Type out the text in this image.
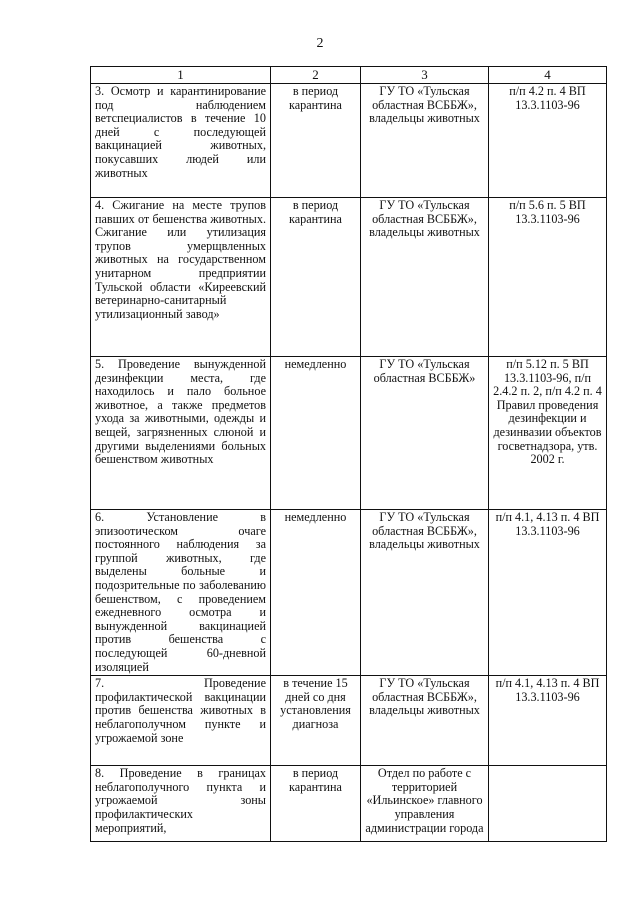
2
1	2	3	4
3. Осмотр и карантинирование под наблюдением ветспециалистов в течение 10 дней с последующей вакцинацией животных, покусавших людей или животных	в период карантина	ГУ ТО «Тульская областная ВСББЖ», владельцы животных	п/п 4.2 п. 4 ВП 13.3.1103-96
4. Сжигание на месте трупов павших от бешенства животных. Сжигание или утилизация трупов умерщвленных животных на государственном унитарном предприятии Тульской области «Киреевский ветеринарно-санитарный утилизационный завод»	в период карантина	ГУ ТО «Тульская областная ВСББЖ», владельцы животных	п/п 5.6 п. 5 ВП 13.3.1103-96
5. Проведение вынужденной дезинфекции места, где находилось и пало больное животное, а также предметов ухода за животными, одежды и вещей, загрязненных слюной и другими выделениями больных бешенством животных	немедленно	ГУ ТО «Тульская областная ВСББЖ»	п/п 5.12 п. 5 ВП 13.3.1103-96, п/п 2.4.2 п. 2, п/п 4.2 п. 4 Правил проведения дезинфекции и дезинвазии объектов госветнадзора, утв. 2002 г.
6. Установление в эпизоотическом очаге постоянного наблюдения за группой животных, где выделены больные и подозрительные по заболеванию бешенством, с проведением ежедневного осмотра и вынужденной вакцинацией против бешенства с последующей 60-дневной изоляцией	немедленно	ГУ ТО «Тульская областная ВСББЖ», владельцы животных	п/п 4.1, 4.13 п. 4 ВП 13.3.1103-96
7. Проведение профилактической вакцинации против бешенства животных в неблагополучном пункте и угрожаемой зоне	в течение 15 дней со дня установления диагноза	ГУ ТО «Тульская областная ВСББЖ», владельцы животных	п/п 4.1, 4.13 п. 4 ВП 13.3.1103-96
8. Проведение в границах неблагополучного пункта и угрожаемой зоны профилактических мероприятий,	в период карантина	Отдел по работе с территорией «Ильинское» главного управления администрации города	
